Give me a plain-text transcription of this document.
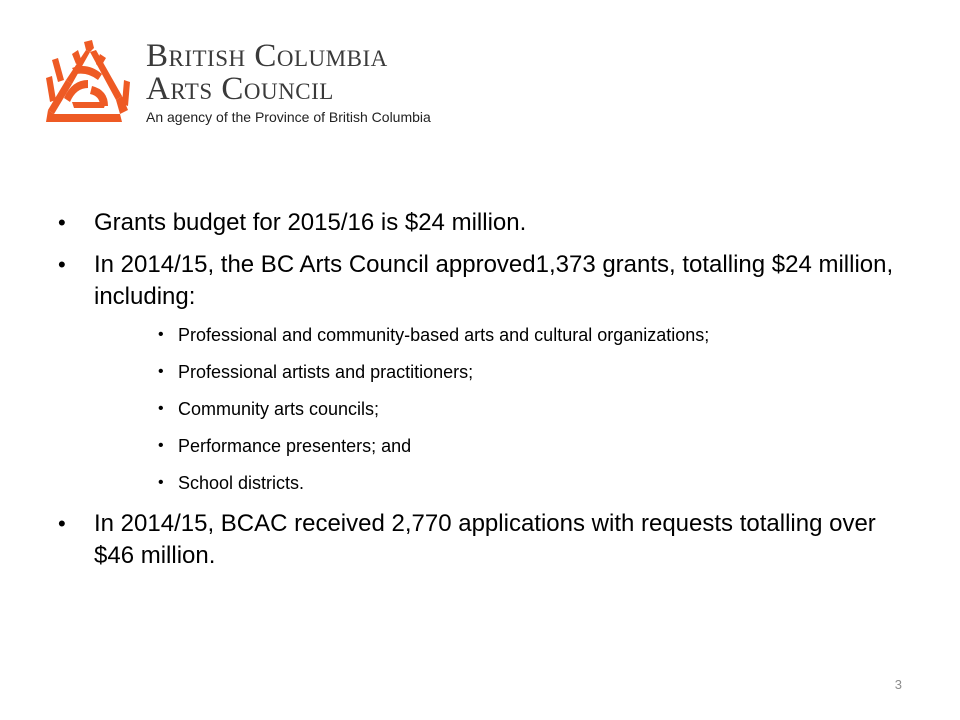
British Columbia
Arts Council
An agency of the Province of British Columbia
• Grants budget for 2015/16 is $24 million.
• In 2014/15, the BC Arts Council approved1,373 grants, totalling $24 million, including:
• Professional and community-based arts and cultural organizations;
• Professional artists and practitioners;
• Community arts councils;
• Performance presenters; and
• School districts.
• In 2014/15, BCAC received 2,770 applications with requests totalling over $46 million.
3
